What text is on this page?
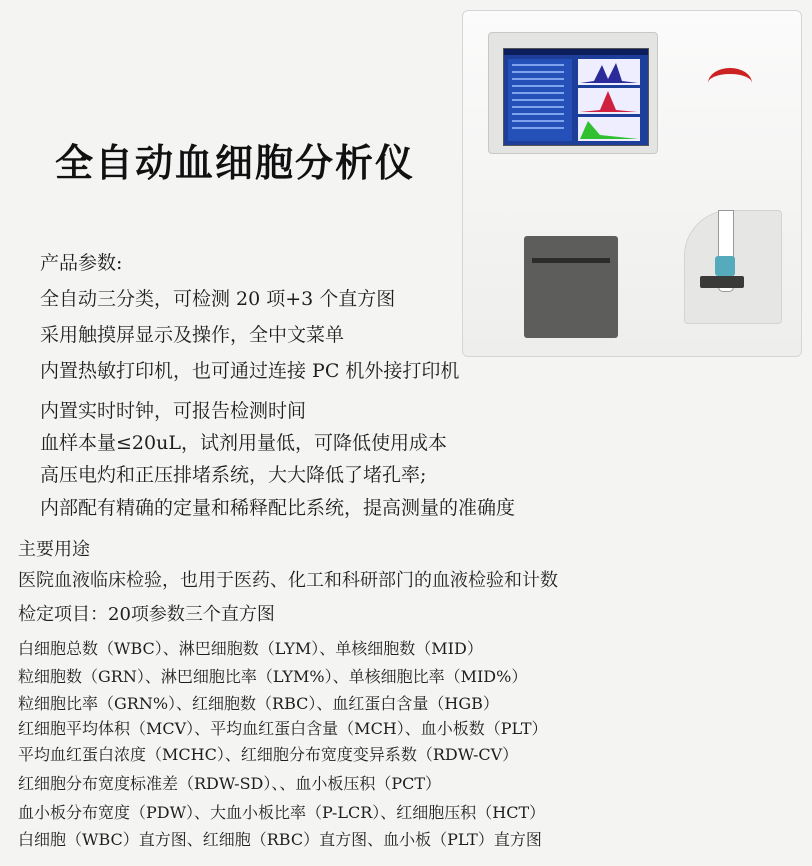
全自动血细胞分析仪

产品参数:

全自动三分类，可检测 20 项+3 个直方图

采用触摸屏显示及操作，全中文菜单

内置热敏打印机，也可通过连接 PC 机外接打印机

内置实时时钟，可报告检测时间

血样本量≤20uL，试剂用量低，可降低使用成本

高压电灼和正压排堵系统，大大降低了堵孔率;

内部配有精确的定量和稀释配比系统，提高测量的准确度

主要用途

医院血液临床检验，也用于医药、化工和科研部门的血液检验和计数

检定项目：20项参数三个直方图

白细胞总数（WBC）、淋巴细胞数（LYM）、单核细胞数（MID）

粒细胞数（GRN）、淋巴细胞比率（LYM%）、单核细胞比率（MID%）

粒细胞比率（GRN%）、红细胞数（RBC）、血红蛋白含量（HGB）

红细胞平均体积（MCV）、平均血红蛋白含量（MCH）、血小板数（PLT）

平均血红蛋白浓度（MCHC）、红细胞分布宽度变异系数（RDW-CV）

红细胞分布宽度标准差（RDW-SD）、、血小板压积（PCT）

血小板分布宽度（PDW）、大血小板比率（P-LCR）、红细胞压积（HCT）

白细胞（WBC）直方图、红细胞（RBC）直方图、血小板（PLT）直方图
